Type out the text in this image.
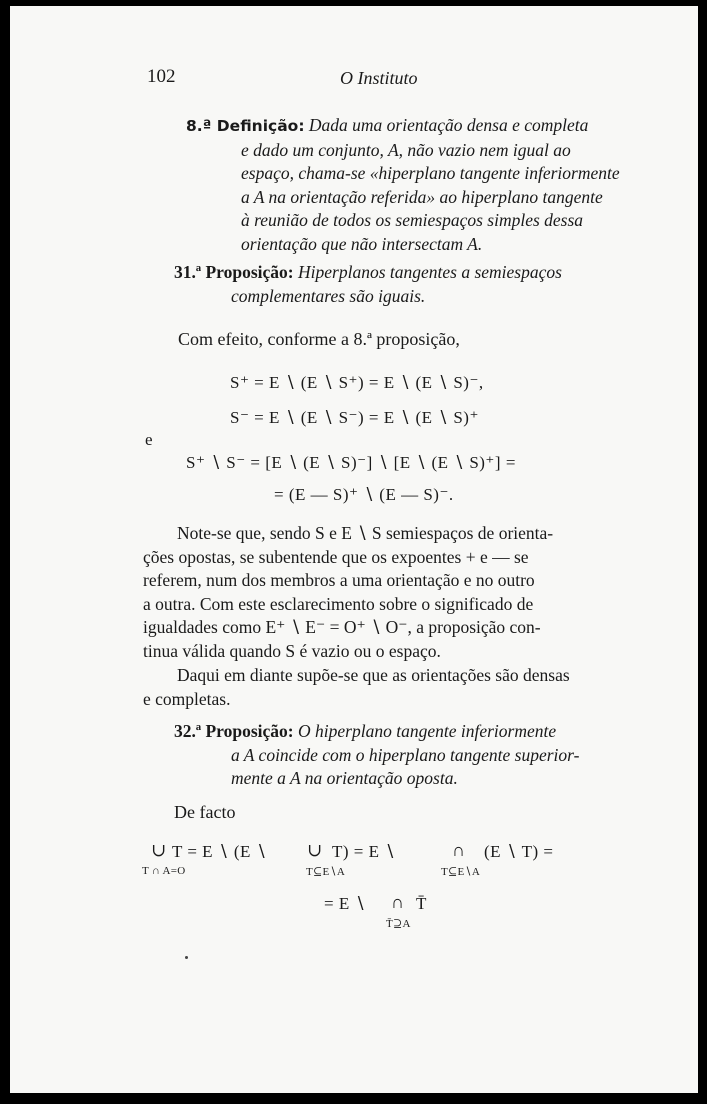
102	O Instituto
8.ª Definição: Dada uma orientação densa e completa
e dado um conjunto, A, não vazio nem igual ao
espaço, chama-se «hiperplano tangente inferiormente
a A na orientação referida» ao hiperplano tangente
à reunião de todos os semiespaços simples dessa
orientação que não intersectam A.
31.ª Proposição: Hiperplanos tangentes a semiespaços
complementares são iguais.
Com efeito, conforme a 8.ª proposição,
S⁺ = E ∖ (E ∖ S⁺) = E ∖ (E ∖ S)⁻,
S⁻ = E ∖ (E ∖ S⁻) = E ∖ (E ∖ S)⁺
e
S⁺ ∖ S⁻ = [E ∖ (E ∖ S)⁻] ∖ [E ∖ (E ∖ S)⁺] =
= (E — S)⁺ ∖ (E — S)⁻.
Note-se que, sendo S e E ∖ S semiespaços de orienta-
ções opostas, se subentende que os expoentes + e — se
referem, num dos membros a uma orientação e no outro
a outra. Com este esclarecimento sobre o significado de
igualdades como E⁺ ∖ E⁻ = O⁺ ∖ O⁻, a proposição con-
tinua válida quando S é vazio ou o espaço.
Daqui em diante supõe-se que as orientações são densas
e completas.
32.ª Proposição: O hiperplano tangente inferiormente
a A coincide com o hiperplano tangente superior-
mente a A na orientação oposta.
De facto
∪
T ∩ A=O
T = E ∖ (E ∖ ∪
T⊆E∖A
T) = E ∖	∩
T⊆E∖A
(E ∖ T) =
= E ∖ ∩ T̄
T̄⊇A
